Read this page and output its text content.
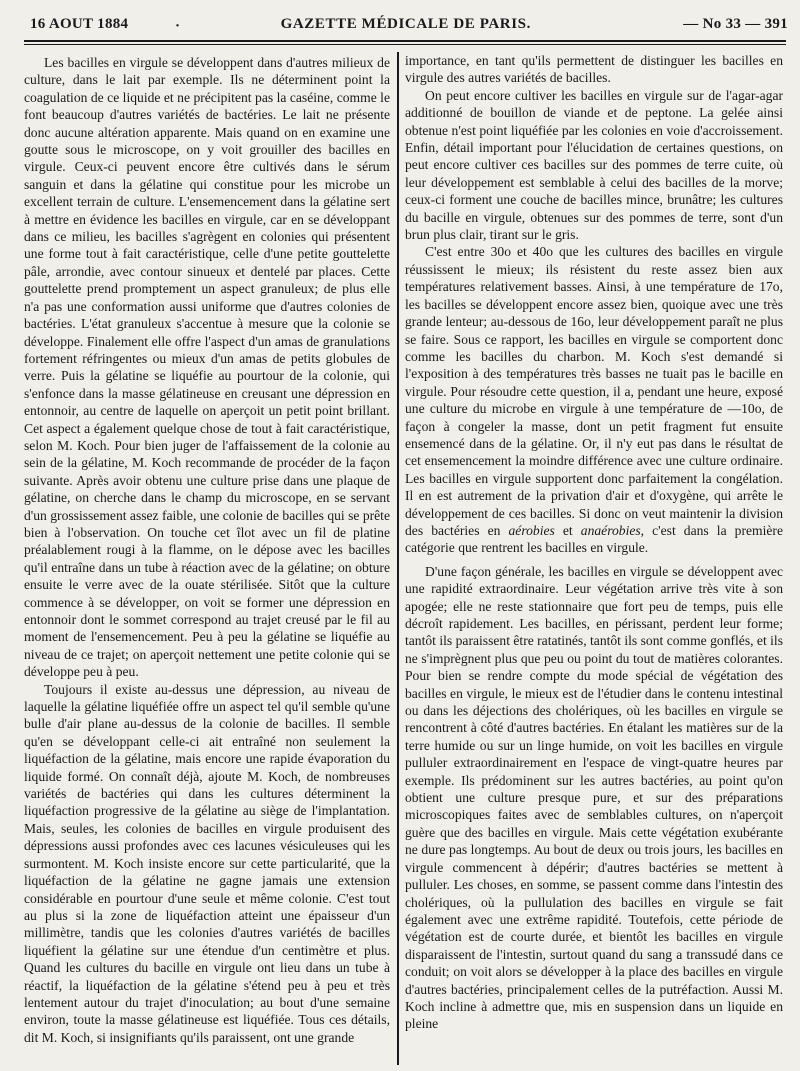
16 AOUT 1884	·	GAZETTE MÉDICALE DE PARIS.	— No 33 — 391

Les bacilles en virgule se développent dans d'autres milieux de culture, dans le lait par exemple. Ils ne déterminent point la coagulation de ce liquide et ne précipitent pas la caséine, comme le font beaucoup d'autres variétés de bactéries. Le lait ne présente donc aucune altération apparente. Mais quand on en examine une goutte sous le microscope, on y voit grouiller des bacilles en virgule. Ceux-ci peuvent encore être cultivés dans le sérum sanguin et dans la gélatine qui constitue pour les microbe un excellent terrain de culture. L'ensemencement dans la gélatine sert à mettre en évidence les bacilles en virgule, car en se développant dans ce milieu, les bacilles s'agrègent en colonies qui présentent une forme tout à fait caractéristique, celle d'une petite gouttelette pâle, arrondie, avec contour sinueux et dentelé par places. Cette gouttelette prend promptement un aspect granuleux; de plus elle n'a pas une conformation aussi uniforme que d'autres colonies de bactéries. L'état granuleux s'accentue à mesure que la colonie se développe. Finalement elle offre l'aspect d'un amas de granulations fortement réfringentes ou mieux d'un amas de petits globules de verre. Puis la gélatine se liquéfie au pourtour de la colonie, qui s'enfonce dans la masse gélatineuse en creusant une dépression en entonnoir, au centre de laquelle on aperçoit un petit point brillant. Cet aspect a également quelque chose de tout à fait caractéristique, selon M. Koch. Pour bien juger de l'affaissement de la colonie au sein de la gélatine, M. Koch recommande de procéder de la façon suivante. Après avoir obtenu une culture prise dans une plaque de gélatine, on cherche dans le champ du microscope, en se servant d'un grossissement assez faible, une colonie de bacilles qui se prête bien à l'observation. On touche cet îlot avec un fil de platine préalablement rougi à la flamme, on le dépose avec les bacilles qu'il entraîne dans un tube à réaction avec de la gélatine; on obture ensuite le verre avec de la ouate stérilisée. Sitôt que la culture commence à se développer, on voit se former une dépression en entonnoir dont le sommet correspond au trajet creusé par le fil au moment de l'ensemencement. Peu à peu la gélatine se liquéfie au niveau de ce trajet; on aperçoit nettement une petite colonie qui se développe peu à peu.

Toujours il existe au-dessus une dépression, au niveau de laquelle la gélatine liquéfiée offre un aspect tel qu'il semble qu'une bulle d'air plane au-dessus de la colonie de bacilles. Il semble qu'en se développant celle-ci ait entraîné non seulement la liquéfaction de la gélatine, mais encore une rapide évaporation du liquide formé. On connaît déjà, ajoute M. Koch, de nombreuses variétés de bactéries qui dans les cultures déterminent la liquéfaction progressive de la gélatine au siège de l'implantation. Mais, seules, les colonies de bacilles en virgule produisent des dépressions aussi profondes avec ces lacunes vésiculeuses qui les surmontent. M. Koch insiste encore sur cette particularité, que la liquéfaction de la gélatine ne gagne jamais une extension considérable en pourtour d'une seule et même colonie. C'est tout au plus si la zone de liquéfaction atteint une épaisseur d'un millimètre, tandis que les colonies d'autres variétés de bacilles liquéfient la gélatine sur une étendue d'un centimètre et plus. Quand les cultures du bacille en virgule ont lieu dans un tube à réactif, la liquéfaction de la gélatine s'étend peu à peu et très lentement autour du trajet d'inoculation; au bout d'une semaine environ, toute la masse gélatineuse est liquéfiée. Tous ces détails, dit M. Koch, si insignifiants qu'ils paraissent, ont une grande

importance, en tant qu'ils permettent de distinguer les bacilles en virgule des autres variétés de bacilles.

On peut encore cultiver les bacilles en virgule sur de l'agar-agar additionné de bouillon de viande et de peptone. La gelée ainsi obtenue n'est point liquéfiée par les colonies en voie d'accroissement. Enfin, détail important pour l'élucidation de certaines questions, on peut encore cultiver ces bacilles sur des pommes de terre cuite, où leur développement est semblable à celui des bacilles de la morve; ceux-ci forment une couche de bacilles mince, brunâtre; les cultures du bacille en virgule, obtenues sur des pommes de terre, sont d'un brun plus clair, tirant sur le gris.

C'est entre 30o et 40o que les cultures des bacilles en virgule réussissent le mieux; ils résistent du reste assez bien aux températures relativement basses. Ainsi, à une température de 17o, les bacilles se développent encore assez bien, quoique avec une très grande lenteur; au-dessous de 16o, leur développement paraît ne plus se faire. Sous ce rapport, les bacilles en virgule se comportent donc comme les bacilles du charbon. M. Koch s'est demandé si l'exposition à des températures très basses ne tuait pas le bacille en virgule. Pour résoudre cette question, il a, pendant une heure, exposé une culture du microbe en virgule à une température de —10o, de façon à congeler la masse, dont un petit fragment fut ensuite ensemencé dans de la gélatine. Or, il n'y eut pas dans le résultat de cet ensemencement la moindre différence avec une culture ordinaire. Les bacilles en virgule supportent donc parfaitement la congélation. Il en est autrement de la privation d'air et d'oxygène, qui arrête le développement de ces bacilles. Si donc on veut maintenir la division des bactéries en aérobies et anaérobies, c'est dans la première catégorie que rentrent les bacilles en virgule.

D'une façon générale, les bacilles en virgule se développent avec une rapidité extraordinaire. Leur végétation arrive très vite à son apogée; elle ne reste stationnaire que fort peu de temps, puis elle décroît rapidement. Les bacilles, en périssant, perdent leur forme; tantôt ils paraissent être ratatinés, tantôt ils sont comme gonflés, et ils ne s'imprègnent plus que peu ou point du tout de matières colorantes. Pour bien se rendre compte du mode spécial de végétation des bacilles en virgule, le mieux est de l'étudier dans le contenu intestinal ou dans les déjections des cholériques, où les bacilles en virgule se rencontrent à côté d'autres bactéries. En étalant les matières sur de la terre humide ou sur un linge humide, on voit les bacilles en virgule pulluler extraordinairement en l'espace de vingt-quatre heures par exemple. Ils prédominent sur les autres bactéries, au point qu'on obtient une culture presque pure, et sur des préparations microscopiques faites avec de semblables cultures, on n'aperçoit guère que des bacilles en virgule. Mais cette végétation exubérante ne dure pas longtemps. Au bout de deux ou trois jours, les bacilles en virgule commencent à dépérir; d'autres bactéries se mettent à pulluler. Les choses, en somme, se passent comme dans l'intestin des cholériques, où la pullulation des bacilles en virgule se fait également avec une extrême rapidité. Toutefois, cette période de végétation est de courte durée, et bientôt les bacilles en virgule disparaissent de l'intestin, surtout quand du sang a transsudé dans ce conduit; on voit alors se développer à la place des bacilles en virgule d'autres bactéries, principalement celles de la putréfaction. Aussi M. Koch incline à admettre que, mis en suspension dans un liquide en pleine
